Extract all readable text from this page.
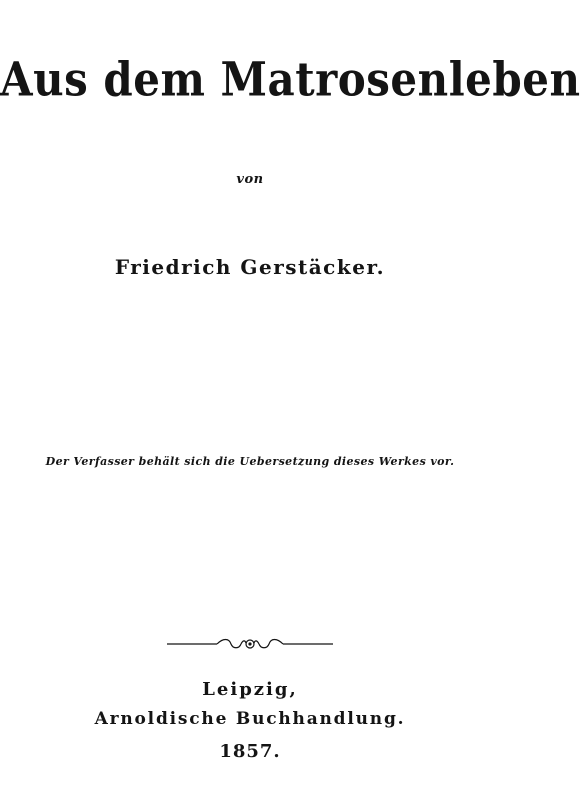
Aus dem Matrosenleben
von
Friedrich Gerstäcker.
Der Verfasser behält sich die Uebersetzung dieses Werkes vor.
Leipzig,
Arnoldische Buchhandlung.
1857.
